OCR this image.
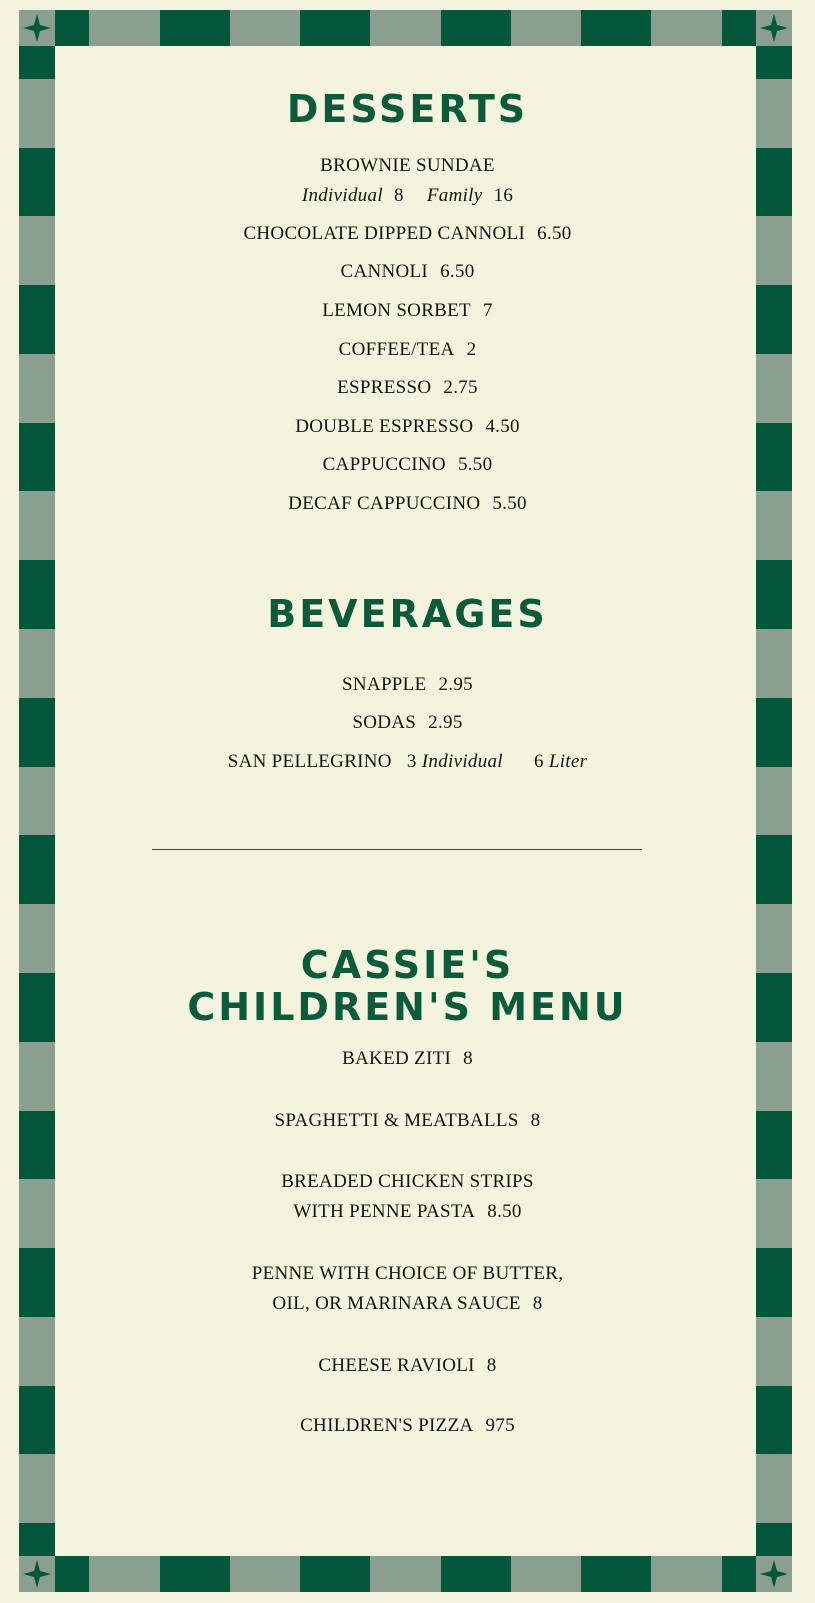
DESSERTS

BROWNIE SUNDAE

Individual 8 Family 16

CHOCOLATE DIPPED CANNOLI 6.50

CANNOLI 6.50

LEMON SORBET 7

COFFEE/TEA 2

ESPRESSO 2.75

DOUBLE ESPRESSO 4.50

CAPPUCCINO 5.50

DECAF CAPPUCCINO 5.50

BEVERAGES

SNAPPLE 2.95

SODAS 2.95

SAN PELLEGRINO 3 Individual 6 Liter

CASSIE'S
CHILDREN'S MENU

BAKED ZITI 8

SPAGHETTI & MEATBALLS 8

BREADED CHICKEN STRIPS

WITH PENNE PASTA 8.50

PENNE WITH CHOICE OF BUTTER,

OIL, OR MARINARA SAUCE 8

CHEESE RAVIOLI 8

CHILDREN'S PIZZA 975
